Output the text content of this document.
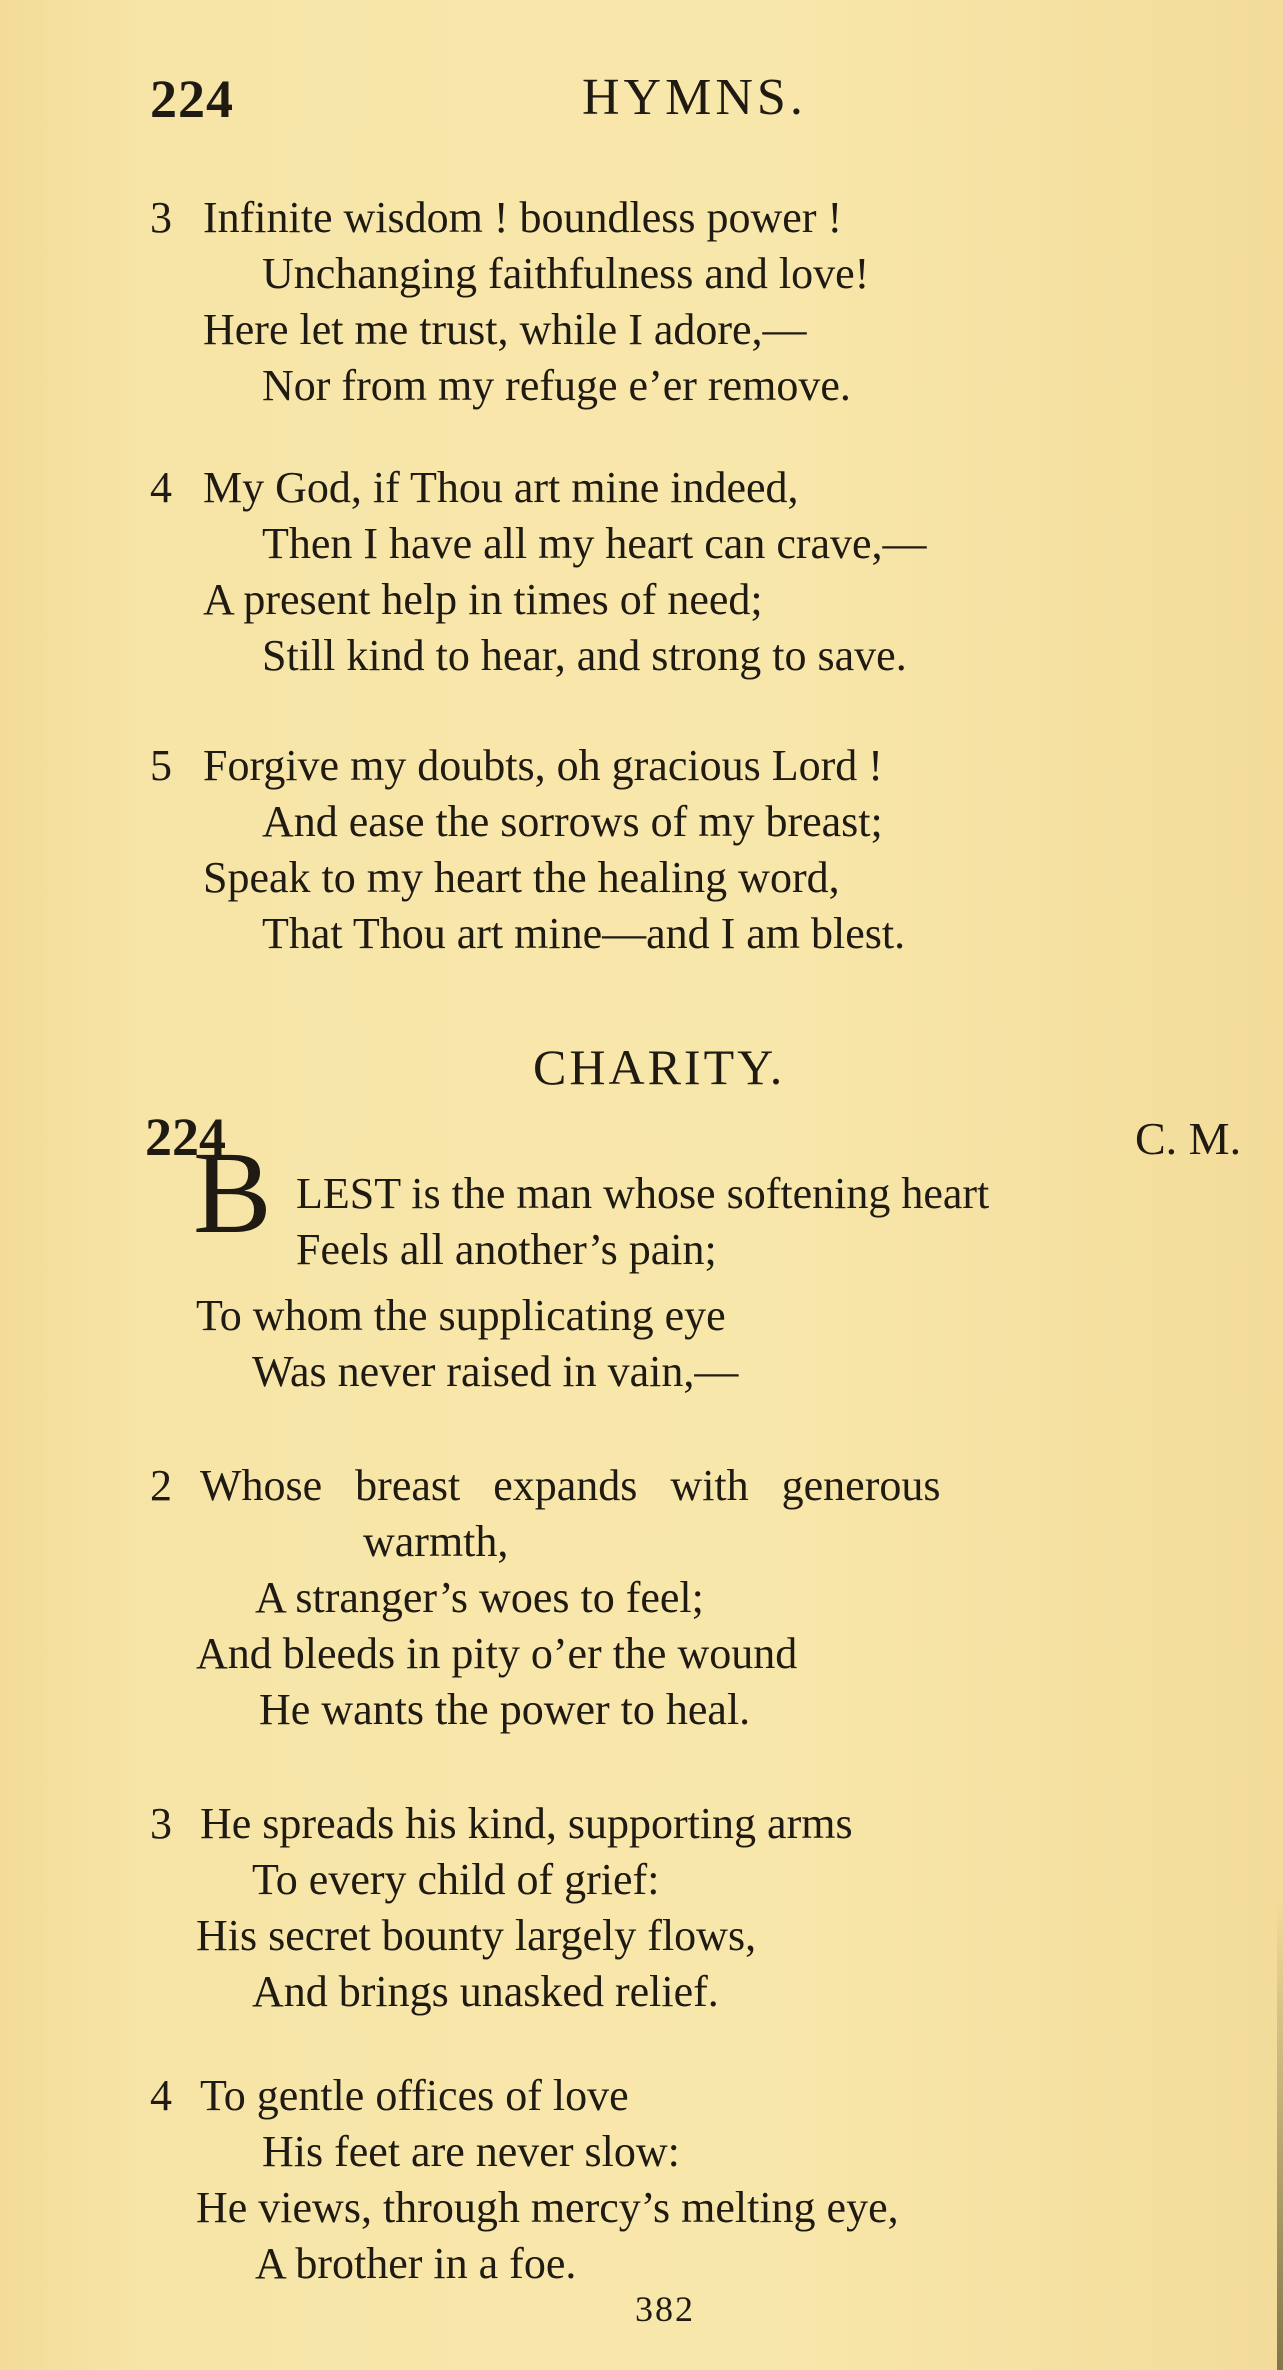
224	HYMNS.
3 Infinite wisdom ! boundless power !
Unchanging faithfulness and love!
Here let me trust, while I adore,—
Nor from my refuge e’er remove.
4 My God, if Thou art mine indeed,
Then I have all my heart can crave,—
A present help in times of need;
Still kind to hear, and strong to save.
5 Forgive my doubts, oh gracious Lord !
And ease the sorrows of my breast;
Speak to my heart the healing word,
That Thou art mine—and I am blest.
CHARITY.
224	C. M.
B LEST is the man whose softening heart
Feels all another’s pain;
To whom the supplicating eye
Was never raised in vain,—
2 Whose breast expands with generous
warmth,
A stranger’s woes to feel;
And bleeds in pity o’er the wound
He wants the power to heal.
3 He spreads his kind, supporting arms
To every child of grief:
His secret bounty largely flows,
And brings unasked relief.
4 To gentle offices of love
His feet are never slow:
He views, through mercy’s melting eye,
A brother in a foe.
382
